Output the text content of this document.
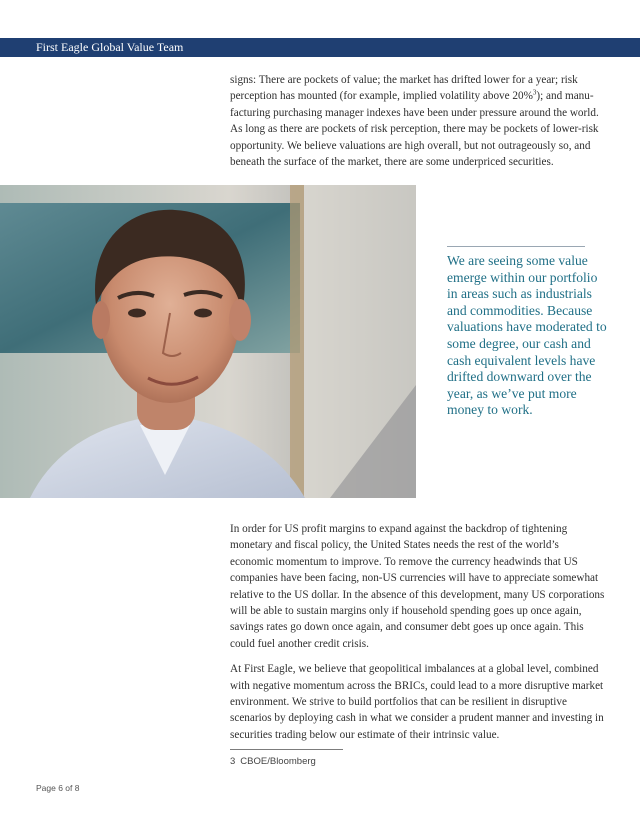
First Eagle Global Value Team

signs: There are pockets of value; the market has drifted lower for a year; risk perception has mounted (for example, implied volatility above 20%$^3$); and manu-facturing purchasing manager indexes have been under pressure around the world. As long as there are pockets of risk perception, there may be pockets of lower-risk opportunity. We believe valuations are high overall, but not outrageously so, and beneath the surface of the market, there are some underpriced securities.

We are seeing some value emerge within our portfolio in areas such as industrials and commodities. Because valuations have moderated to some degree, our cash and cash equivalent levels have drifted downward over the year, as we’ve put more money to work.

In order for US profit margins to expand against the backdrop of tightening monetary and fiscal policy, the United States needs the rest of the world’s economic momentum to improve. To remove the currency headwinds that US companies have been facing, non-US currencies will have to appreciate somewhat relative to the US dollar. In the absence of this development, many US corporations will be able to sustain margins only if household spending goes up once again, savings rates go down once again, and consumer debt goes up once again. This could fuel another credit crisis.

At First Eagle, we believe that geopolitical imbalances at a global level, combined with negative momentum across the BRICs, could lead to a more disruptive market environment. We strive to build portfolios that can be resilient in disruptive scenarios by deploying cash in what we consider a prudent manner and investing in securities trading below our estimate of their intrinsic value.

3 CBOE/Bloomberg
Page 6 of 8
